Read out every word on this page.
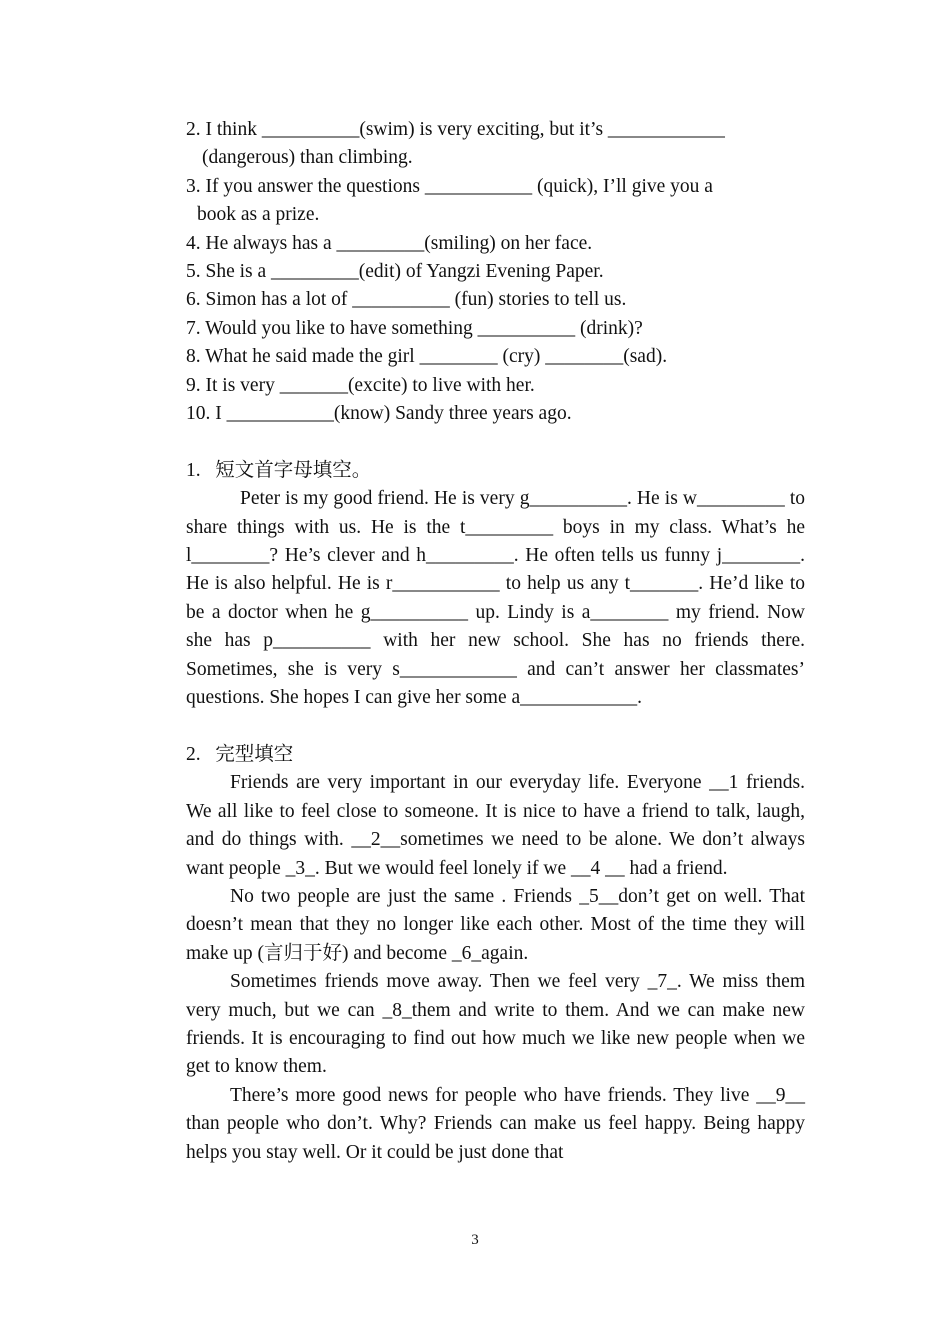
2. I think __________(swim) is very exciting, but it’s ____________
(dangerous) than climbing.
3. If you answer the questions ___________ (quick), I’ll give you a
book as a prize.
4. He always has a _________(smiling) on her face.
5. She is a _________(edit) of Yangzi Evening Paper.
6. Simon has a lot of __________ (fun) stories to tell us.
7. Would you like to have something __________ (drink)?
8. What he said made the girl ________ (cry) ________(sad).
9. It is very _______(excite) to live with her.
10. I ___________(know) Sandy three years ago.
1.   短文首字母填空。
Peter is my good friend. He is very g__________. He is w_________ to share things with us. He is the t_________ boys in my class. What’s he l________? He’s clever and h_________. He often tells us funny j________. He is also helpful. He is r___________ to help us any t_______. He’d like to be a doctor when he g__________ up. Lindy is a________ my friend. Now she has p__________ with her new school. She has no friends there. Sometimes, she is very s____________ and can’t answer her classmates’ questions. She hopes I can give her some a____________.
2.   完型填空
Friends are very important in our everyday life. Everyone __1 friends. We all like to feel close to someone. It is nice to have a friend to talk, laugh, and do things with. __2__sometimes we need to be alone. We don’t always want people _3_. But we would feel lonely if we __4 __ had a friend.
No two people are just the same . Friends _5__don’t get on well. That doesn’t mean that they no longer like each other. Most of the time they will make up (言归于好) and become _6_again.
Sometimes friends move away. Then we feel very _7_. We miss them very much, but we can _8_them and write to them. And we can make new friends. It is encouraging to find out how much we like new people when we get to know them.
There’s more good news for people who have friends. They live __9__ than people who don’t. Why? Friends can make us feel happy. Being happy helps you stay well. Or it could be just done that
3
